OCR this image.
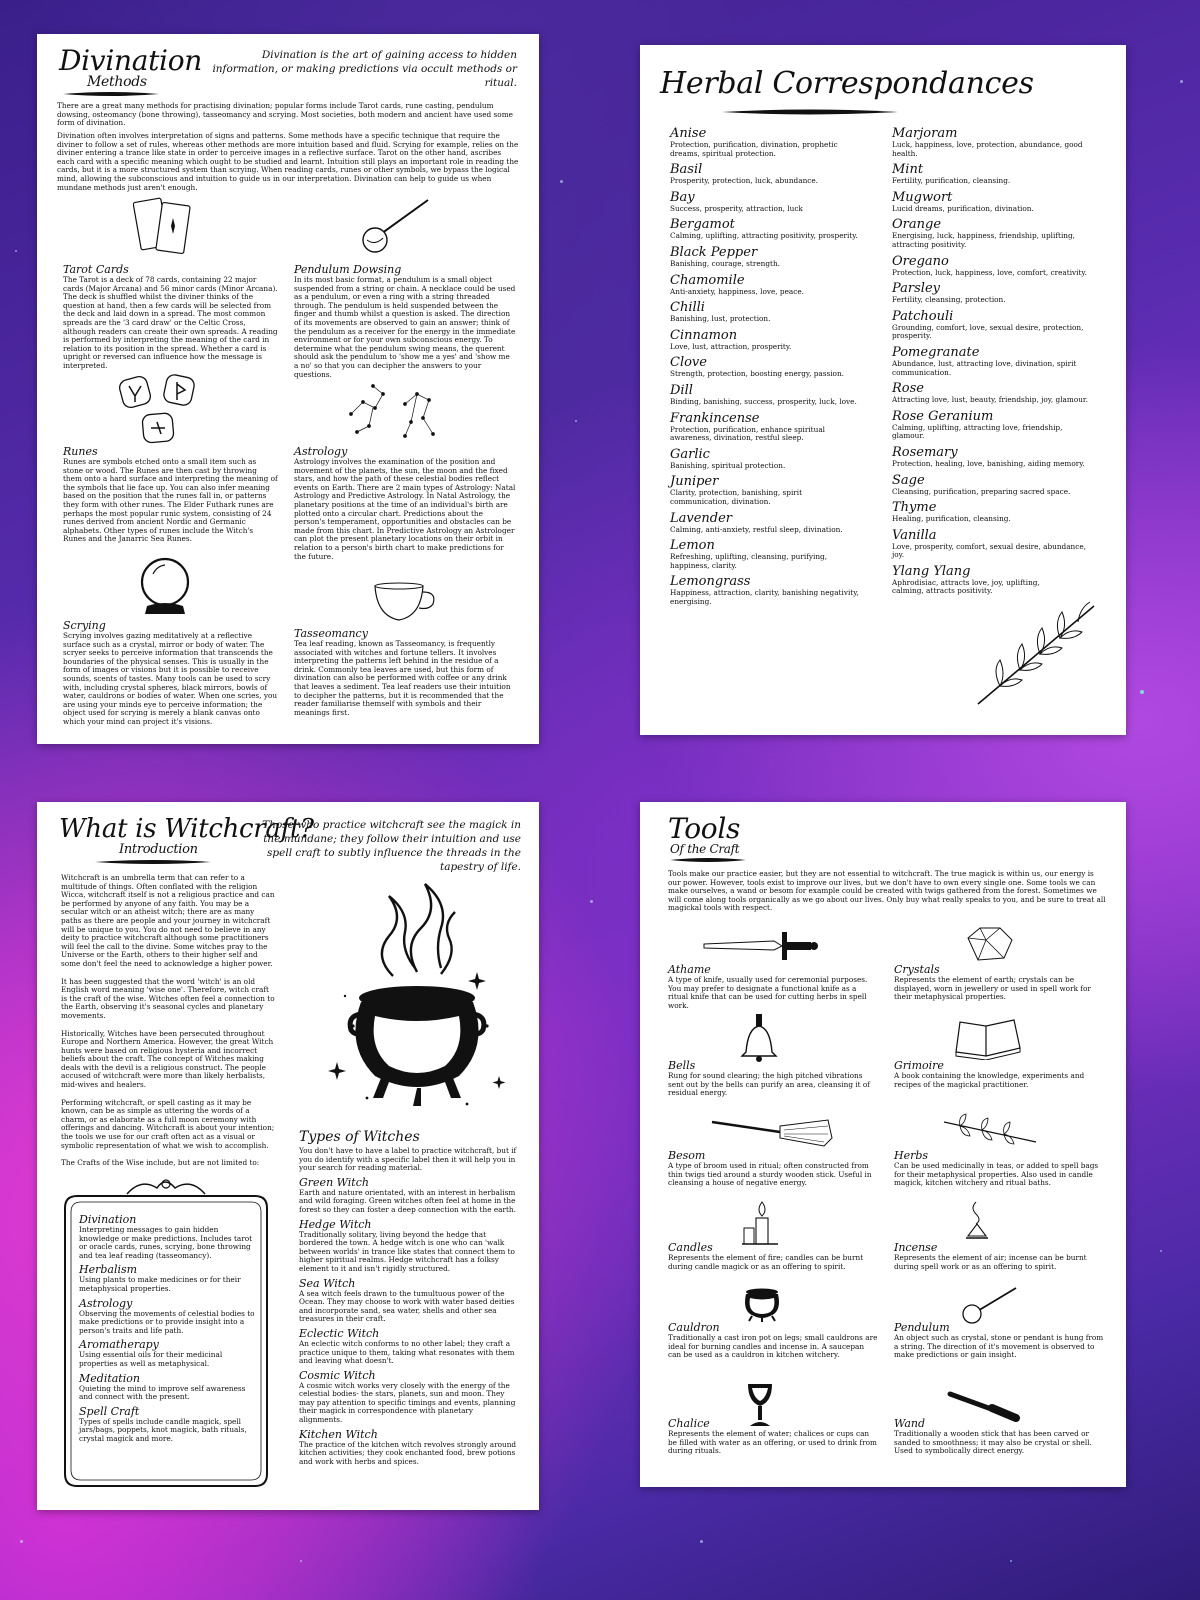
Divination
Methods
Divination is the art of gaining access to hidden information, or making predictions via occult methods or ritual.

There are a great many methods for practising divination; popular forms include Tarot cards, rune casting, pendulum dowsing, osteomancy (bone throwing), tasseomancy and scrying. Most societies, both modern and ancient have used some form of divination.

Divination often involves interpretation of signs and patterns. Some methods have a specific technique that require the diviner to follow a set of rules, whereas other methods are more intuition based and fluid. Scrying for example, relies on the diviner entering a trance like state in order to perceive images in a reflective surface. Tarot on the other hand, ascribes each card with a specific meaning which ought to be studied and learnt. Intuition still plays an important role in reading the cards, but it is a more structured system than scrying. When reading cards, runes or other symbols, we bypass the logical mind, allowing the subconscious and intuition to guide us in our interpretation. Divination can help to guide us when mundane methods just aren't enough.

Tarot Cards

The Tarot is a deck of 78 cards, containing 22 major cards (Major Arcana) and 56 minor cards (Minor Arcana). The deck is shuffled whilst the diviner thinks of the question at hand, then a few cards will be selected from the deck and laid down in a spread. The most common spreads are the '3 card draw' or the Celtic Cross, although readers can create their own spreads. A reading is performed by interpreting the meaning of the card in relation to its position in the spread. Whether a card is upright or reversed can influence how the message is interpreted.

Pendulum Dowsing

In its most basic format, a pendulum is a small object suspended from a string or chain. A necklace could be used as a pendulum, or even a ring with a string threaded through. The pendulum is held suspended between the finger and thumb whilst a question is asked. The direction of its movements are observed to gain an answer; think of the pendulum as a receiver for the energy in the immediate environment or for your own subconscious energy. To determine what the pendulum swing means, the querent should ask the pendulum to 'show me a yes' and 'show me a no' so that you can decipher the answers to your questions.

Runes

Runes are symbols etched onto a small item such as stone or wood. The Runes are then cast by throwing them onto a hard surface and interpreting the meaning of the symbols that lie face up. You can also infer meaning based on the position that the runes fall in, or patterns they form with other runes. The Elder Futhark runes are perhaps the most popular runic system, consisting of 24 runes derived from ancient Nordic and Germanic alphabets. Other types of runes include the Witch's Runes and the Janarric Sea Runes.

Astrology

Astrology involves the examination of the position and movement of the planets, the sun, the moon and the fixed stars, and how the path of these celestial bodies reflect events on Earth. There are 2 main types of Astrology: Natal Astrology and Predictive Astrology. In Natal Astrology, the planetary positions at the time of an individual's birth are plotted onto a circular chart. Predictions about the person's temperament, opportunities and obstacles can be made from this chart. In Predictive Astrology an Astrologer can plot the present planetary locations on their orbit in relation to a person's birth chart to make predictions for the future.

Scrying

Scrying involves gazing meditatively at a reflective surface such as a crystal, mirror or body of water. The scryer seeks to perceive information that transcends the boundaries of the physical senses. This is usually in the form of images or visions but it is possible to receive sounds, scents of tastes. Many tools can be used to scry with, including crystal spheres, black mirrors, bowls of water, cauldrons or bodies of water. When one scries, you are using your minds eye to perceive information; the object used for scrying is merely a blank canvas onto which your mind can project it's visions.

Tasseomancy

Tea leaf reading, known as Tasseomancy, is frequently associated with witches and fortune tellers. It involves interpreting the patterns left behind in the residue of a drink. Commonly tea leaves are used, but this form of divination can also be performed with coffee or any drink that leaves a sediment. Tea leaf readers use their intuition to decipher the patterns, but it is recommended that the reader familiarise themself with symbols and their meanings first.

Herbal Correspondances
Anise

Protection, purification, divination, prophetic dreams, spiritual protection.

Basil

Prosperity, protection, luck, abundance.

Bay

Success, prosperity, attraction, luck

Bergamot

Calming, uplifting, attracting positivity, prosperity.

Black Pepper

Banishing, courage, strength.

Chamomile

Anti-anxiety, happiness, love, peace.

Chilli

Banishing, lust, protection.

Cinnamon

Love, lust, attraction, prosperity.

Clove

Strength, protection, boosting energy, passion.

Dill

Binding, banishing, success, prosperity, luck, love.

Frankincense

Protection, purification, enhance spiritual awareness, divination, restful sleep.

Garlic

Banishing, spiritual protection.

Juniper

Clarity, protection, banishing, spirit communication, divination.

Lavender

Calming, anti-anxiety, restful sleep, divination.

Lemon

Refreshing, uplifting, cleansing, purifying, happiness, clarity.

Lemongrass

Happiness, attraction, clarity, banishing negativity, energising.

Marjoram

Luck, happiness, love, protection, abundance, good health.

Mint

Fertility, purification, cleansing.

Mugwort

Lucid dreams, purification, divination.

Orange

Energising, luck, happiness, friendship, uplifting, attracting positivity.

Oregano

Protection, luck, happiness, love, comfort, creativity.

Parsley

Fertility, cleansing, protection.

Patchouli

Grounding, comfort, love, sexual desire, protection, prosperity.

Pomegranate

Abundance, lust, attracting love, divination, spirit communication.

Rose

Attracting love, lust, beauty, friendship, joy, glamour.

Rose Geranium

Calming, uplifting, attracting love, friendship, glamour.

Rosemary

Protection, healing, love, banishing, aiding memory.

Sage

Cleansing, purification, preparing sacred space.

Thyme

Healing, purification, cleansing.

Vanilla

Love, prosperity, comfort, sexual desire, abundance, joy.

Ylang Ylang

Aphrodisiac, attracts love, joy, uplifting, calming, attracts positivity.

What is Witchcraft?
Introduction
Those who practice witchcraft see the magick in the mundane; they follow their intuition and use spell craft to subtly influence the threads in the tapestry of life.

Witchcraft is an umbrella term that can refer to a multitude of things. Often conflated with the religion Wicca, witchcraft itself is not a religious practice and can be performed by anyone of any faith. You may be a secular witch or an atheist witch; there are as many paths as there are people and your journey in witchcraft will be unique to you. You do not need to believe in any deity to practice witchcraft although some practitioners will feel the call to the divine. Some witches pray to the Universe or the Earth, others to their higher self and some don't feel the need to acknowledge a higher power.

It has been suggested that the word 'witch' is an old English word meaning 'wise one'. Therefore, witch craft is the craft of the wise. Witches often feel a connection to the Earth, observing it's seasonal cycles and planetary movements.

Historically, Witches have been persecuted throughout Europe and Northern America. However, the great Witch hunts were based on religious hysteria and incorrect beliefs about the craft. The concept of Witches making deals with the devil is a religious construct. The people accused of witchcraft were more than likely herbalists, mid-wives and healers.

Performing witchcraft, or spell casting as it may be known, can be as simple as uttering the words of a charm, or as elaborate as a full moon ceremony with offerings and dancing. Witchcraft is about your intention; the tools we use for our craft often act as a visual or symbolic representation of what we wish to accomplish.

The Crafts of the Wise include, but are not limited to:

Divination

Interpreting messages to gain hidden knowledge or make predictions. Includes tarot or oracle cards, runes, scrying, bone throwing and tea leaf reading (tasseomancy).

Herbalism

Using plants to make medicines or for their metaphysical properties.

Astrology

Observing the movements of celestial bodies to make predictions or to provide insight into a person's traits and life path.

Aromatherapy

Using essential oils for their medicinal properties as well as metaphysical.

Meditation

Quieting the mind to improve self awareness and connect with the present.

Spell Craft

Types of spells include candle magick, spell jars/bags, poppets, knot magick, bath rituals, crystal magick and more.

Types of Witches

You don't have to have a label to practice witchcraft, but if you do identify with a specific label then it will help you in your search for reading material.

Green Witch

Earth and nature orientated, with an interest in herbalism and wild foraging. Green witches often feel at home in the forest so they can foster a deep connection with the earth.

Hedge Witch

Traditionally solitary, living beyond the hedge that bordered the town. A hedge witch is one who can 'walk between worlds' in trance like states that connect them to higher spiritual realms. Hedge witchcraft has a folksy element to it and isn't rigidly structured.

Sea Witch

A sea witch feels drawn to the tumultuous power of the Ocean. They may choose to work with water based deities and incorporate sand, sea water, shells and other sea treasures in their craft.

Eclectic Witch

An eclectic witch conforms to no other label; they craft a practice unique to them, taking what resonates with them and leaving what doesn't.

Cosmic Witch

A cosmic witch works very closely with the energy of the celestial bodies- the stars, planets, sun and moon. They may pay attention to specific timings and events, planning their magick in correspondence with planetary alignments.

Kitchen Witch

The practice of the kitchen witch revolves strongly around kitchen activities; they cook enchanted food, brew potions and work with herbs and spices.

Tools
Of the Craft

Tools make our practice easier, but they are not essential to witchcraft. The true magick is within us, our energy is our power. However, tools exist to improve our lives, but we don't have to own every single one. Some tools we can make ourselves, a wand or besom for example could be created with twigs gathered from the forest. Sometimes we will come along tools organically as we go about our lives. Only buy what really speaks to you, and be sure to treat all magickal tools with respect.

Athame

A type of knife, usually used for ceremonial purposes. You may prefer to designate a functional knife as a ritual knife that can be used for cutting herbs in spell work.

Crystals

Represents the element of earth; crystals can be displayed, worn in jewellery or used in spell work for their metaphysical properties.

Bells

Rung for sound clearing; the high pitched vibrations sent out by the bells can purify an area, cleansing it of residual energy.

Grimoire

A book containing the knowledge, experiments and recipes of the magickal practitioner.

Besom

A type of broom used in ritual; often constructed from thin twigs tied around a sturdy wooden stick. Useful in cleansing a house of negative energy.

Herbs

Can be used medicinally in teas, or added to spell bags for their metaphysical properties. Also used in candle magick, kitchen witchery and ritual baths.

Candles

Represents the element of fire; candles can be burnt during candle magick or as an offering to spirit.

Incense

Represents the element of air; incense can be burnt during spell work or as an offering to spirit.

Cauldron

Traditionally a cast iron pot on legs; small cauldrons are ideal for burning candles and incense in. A saucepan can be used as a cauldron in kitchen witchery.

Pendulum

An object such as crystal, stone or pendant is hung from a string. The direction of it's movement is observed to make predictions or gain insight.

Chalice

Represents the element of water; chalices or cups can be filled with water as an offering, or used to drink from during rituals.

Wand

Traditionally a wooden stick that has been carved or sanded to smoothness; it may also be crystal or shell. Used to symbolically direct energy.
